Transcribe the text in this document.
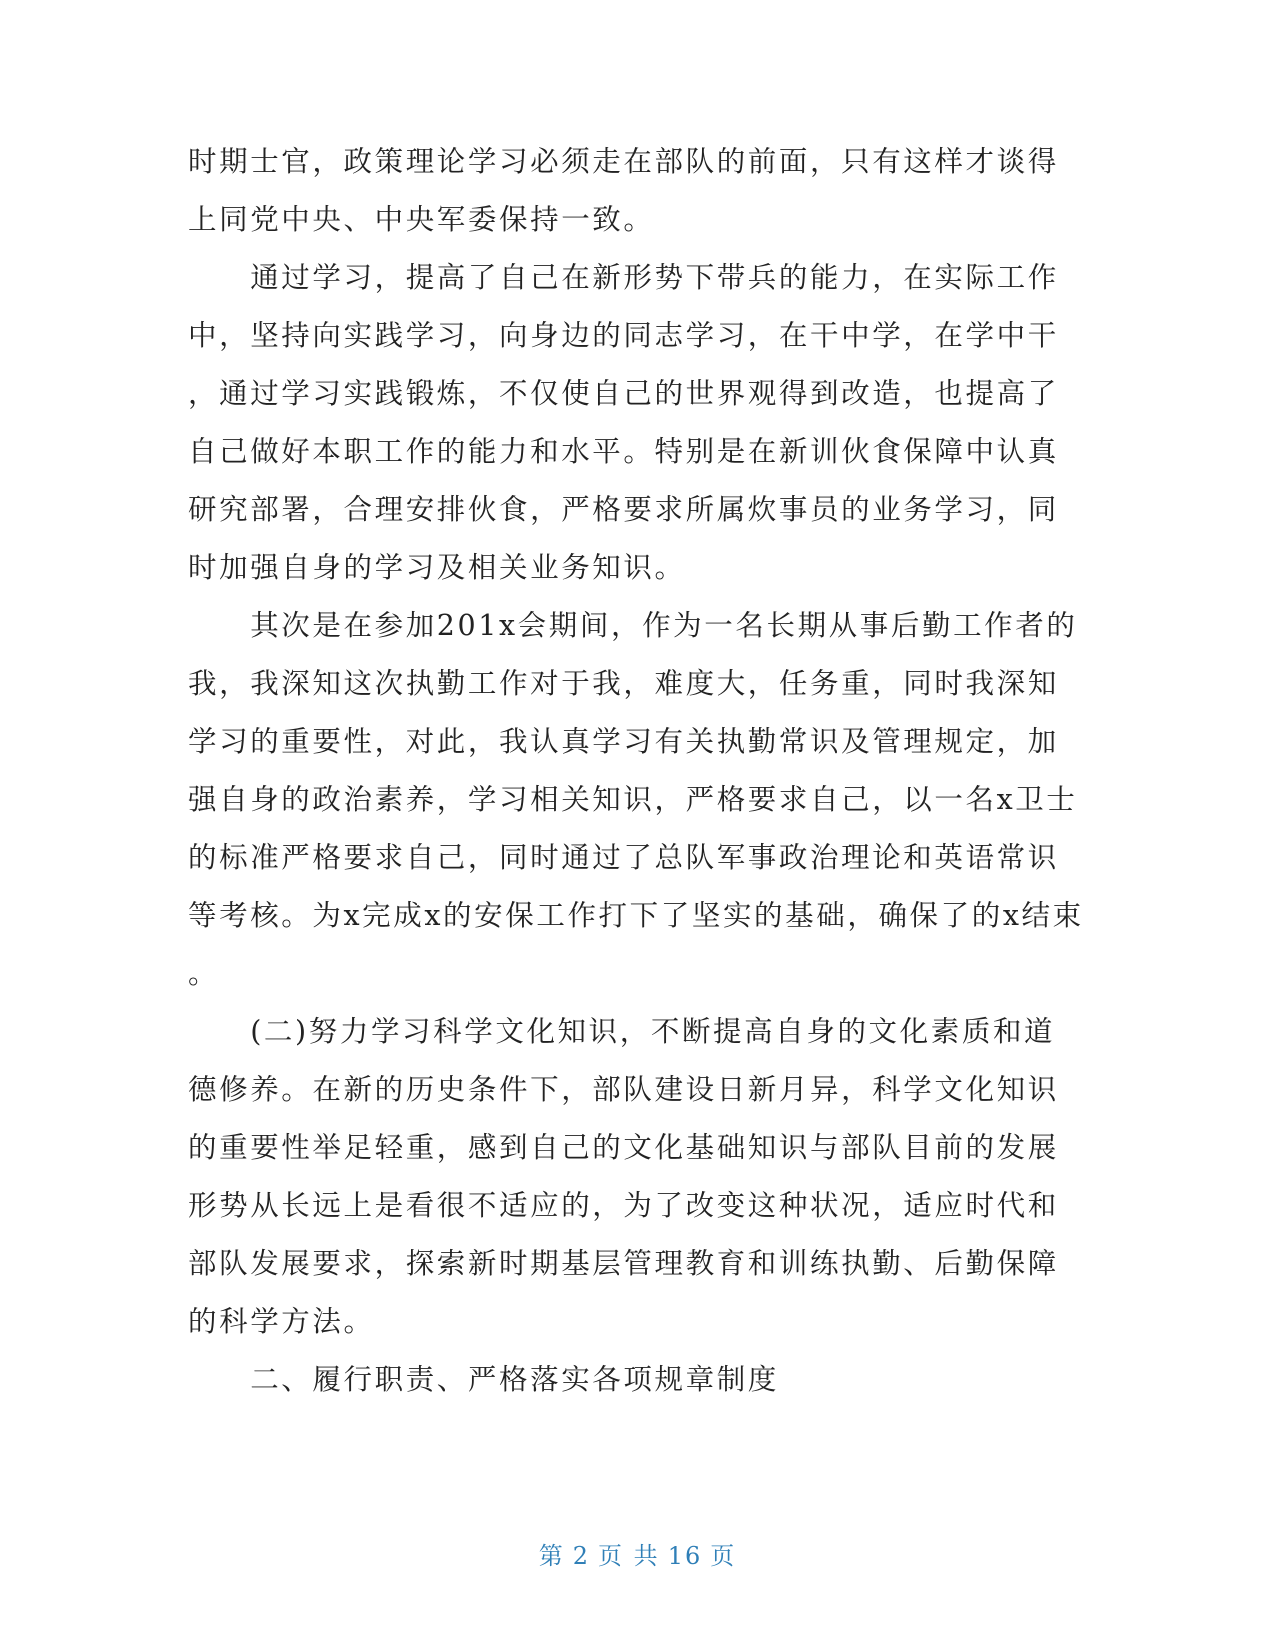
时期士官，政策理论学习必须走在部队的前面，只有这样才谈得
上同党中央、中央军委保持一致。
　　通过学习，提高了自己在新形势下带兵的能力，在实际工作
中，坚持向实践学习，向身边的同志学习，在干中学，在学中干
，通过学习实践锻炼，不仅使自己的世界观得到改造，也提高了
自己做好本职工作的能力和水平。特别是在新训伙食保障中认真
研究部署，合理安排伙食，严格要求所属炊事员的业务学习，同
时加强自身的学习及相关业务知识。
　　其次是在参加201x会期间，作为一名长期从事后勤工作者的
我，我深知这次执勤工作对于我，难度大，任务重，同时我深知
学习的重要性，对此，我认真学习有关执勤常识及管理规定，加
强自身的政治素养，学习相关知识，严格要求自己，以一名x卫士
的标准严格要求自己，同时通过了总队军事政治理论和英语常识
等考核。为x完成x的安保工作打下了坚实的基础，确保了的x结束
。
　　(二)努力学习科学文化知识，不断提高自身的文化素质和道
德修养。在新的历史条件下，部队建设日新月异，科学文化知识
的重要性举足轻重，感到自己的文化基础知识与部队目前的发展
形势从长远上是看很不适应的，为了改变这种状况，适应时代和
部队发展要求，探索新时期基层管理教育和训练执勤、后勤保障
的科学方法。
　　二、履行职责、严格落实各项规章制度
第 2 页 共 16 页
